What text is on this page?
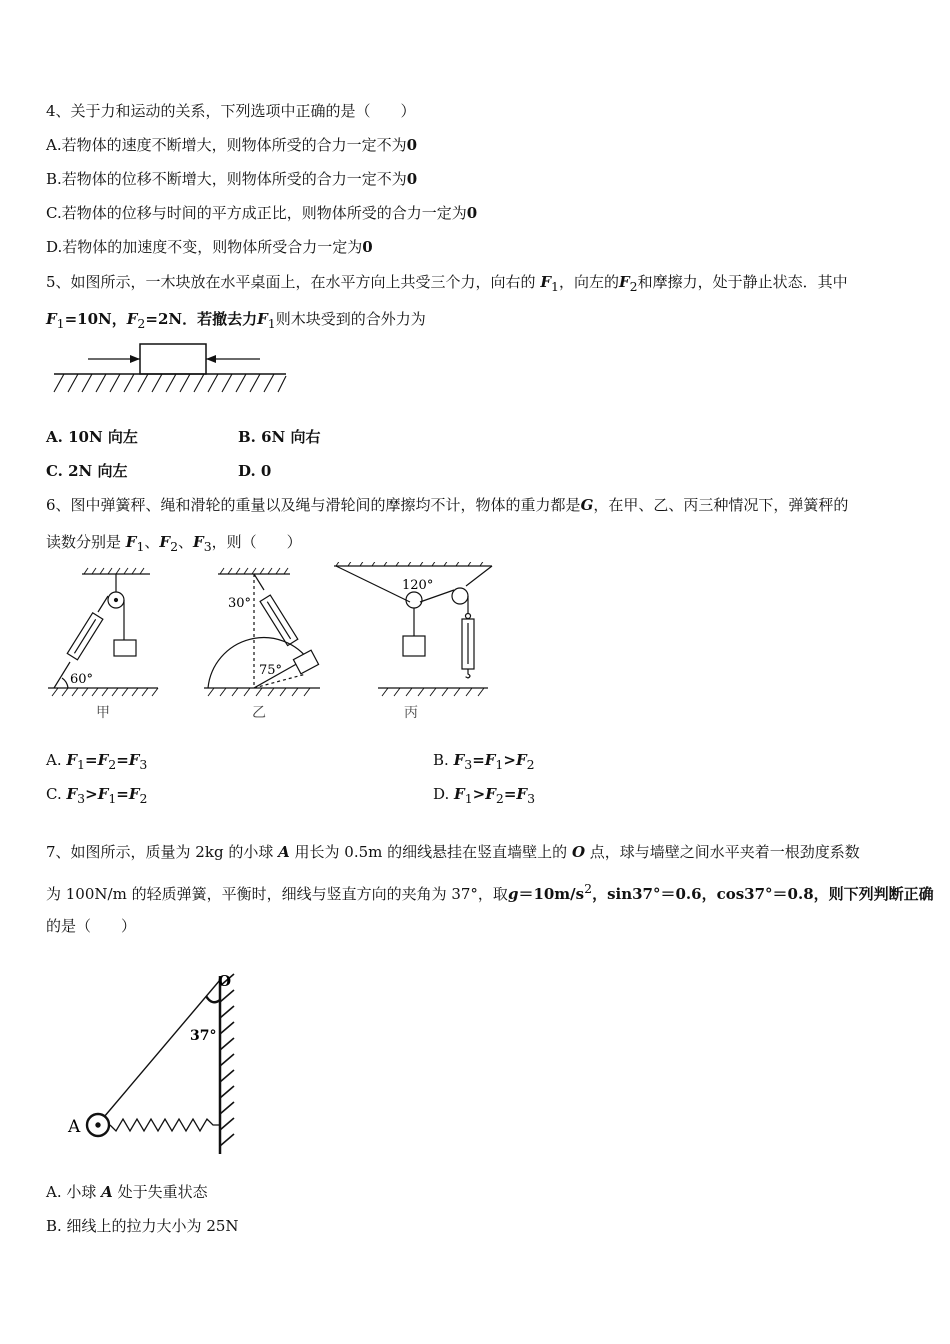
4、关于力和运动的关系，下列选项中正确的是（　　）
A.若物体的速度不断增大，则物体所受的合力一定不为0
B.若物体的位移不断增大，则物体所受的合力一定不为0
C.若物体的位移与时间的平方成正比，则物体所受的合力一定为0
D.若物体的加速度不变，则物体所受合力一定为0
5、如图所示，一木块放在水平桌面上，在水平方向上共受三个力，向右的 $F_1$，向左的$F_2$和摩擦力，处于静止状态．其中
$F_1=10N$，$F_2=2N$．若撤去力$F_1$则木块受到的合外力为
A. 10N 向左	B. 6N 向右
C. 2N 向左	D. 0
6、图中弹簧秤、绳和滑轮的重量以及绳与滑轮间的摩擦均不计，物体的重力都是G，在甲、乙、丙三种情况下，弹簧秤的
读数分别是 $F_1$、$F_2$、$F_3$，则（　　）
60°
30°
75°
120°
甲	乙	丙
A. $F_1=F_2=F_3$	B. $F_3=F_1>F_2$
C. $F_3>F_1=F_2$	D. $F_1>F_2=F_3$
7、如图所示，质量为 2kg 的小球 A 用长为 0.5m 的细线悬挂在竖直墙壁上的 O 点，球与墙壁之间水平夹着一根劲度系数
为 100N/m 的轻质弹簧，平衡时，细线与竖直方向的夹角为 37°，取$g=10m/s^2$，sin37°＝0.6，cos37°＝0.8，则下列判断正确
的是（　　）
O
37°
A
A. 小球 A 处于失重状态
B. 细线上的拉力大小为 25N
